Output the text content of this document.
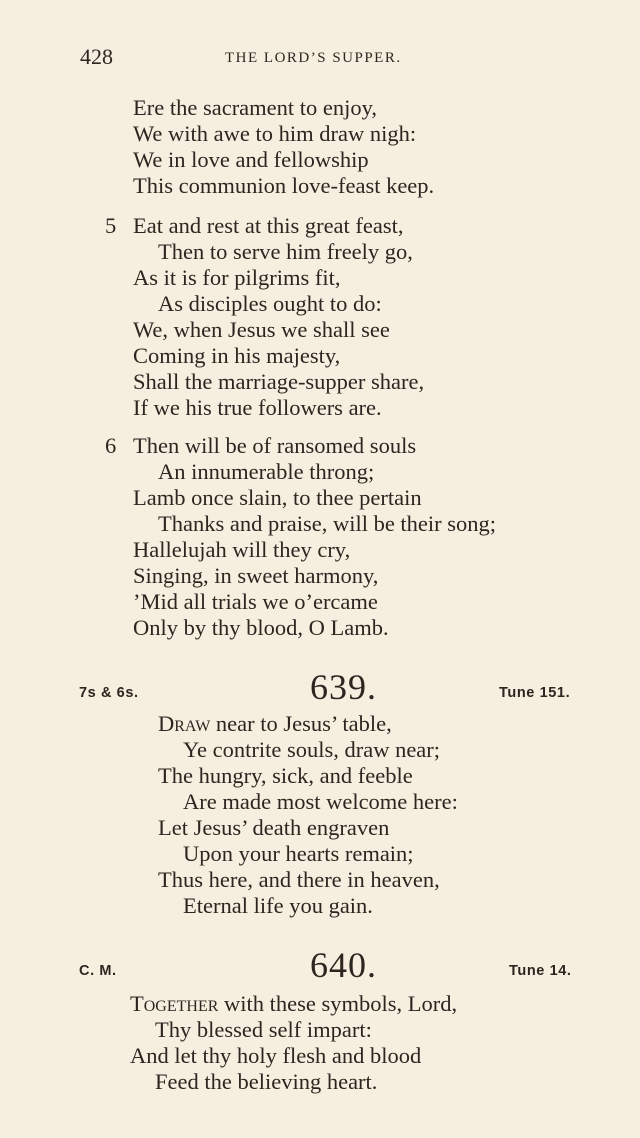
428	THE LORD’S SUPPER.
Ere the sacrament to enjoy,
We with awe to him draw nigh:
We in love and fellowship
This communion love-feast keep.
5 Eat and rest at this great feast,
Then to serve him freely go,
As it is for pilgrims fit,
As disciples ought to do:
We, when Jesus we shall see
Coming in his majesty,
Shall the marriage-supper share,
If we his true followers are.
6 Then will be of ransomed souls
An innumerable throng;
Lamb once slain, to thee pertain
Thanks and praise, will be their song;
Hallelujah will they cry,
Singing, in sweet harmony,
’Mid all trials we o’ercame
Only by thy blood, O Lamb.
7s & 6s.	639.	Tune 151.
Draw near to Jesus’ table,
Ye contrite souls, draw near;
The hungry, sick, and feeble
Are made most welcome here:
Let Jesus’ death engraven
Upon your hearts remain;
Thus here, and there in heaven,
Eternal life you gain.
C. M.	640.	Tune 14.
Together with these symbols, Lord,
Thy blessed self impart:
And let thy holy flesh and blood
Feed the believing heart.
